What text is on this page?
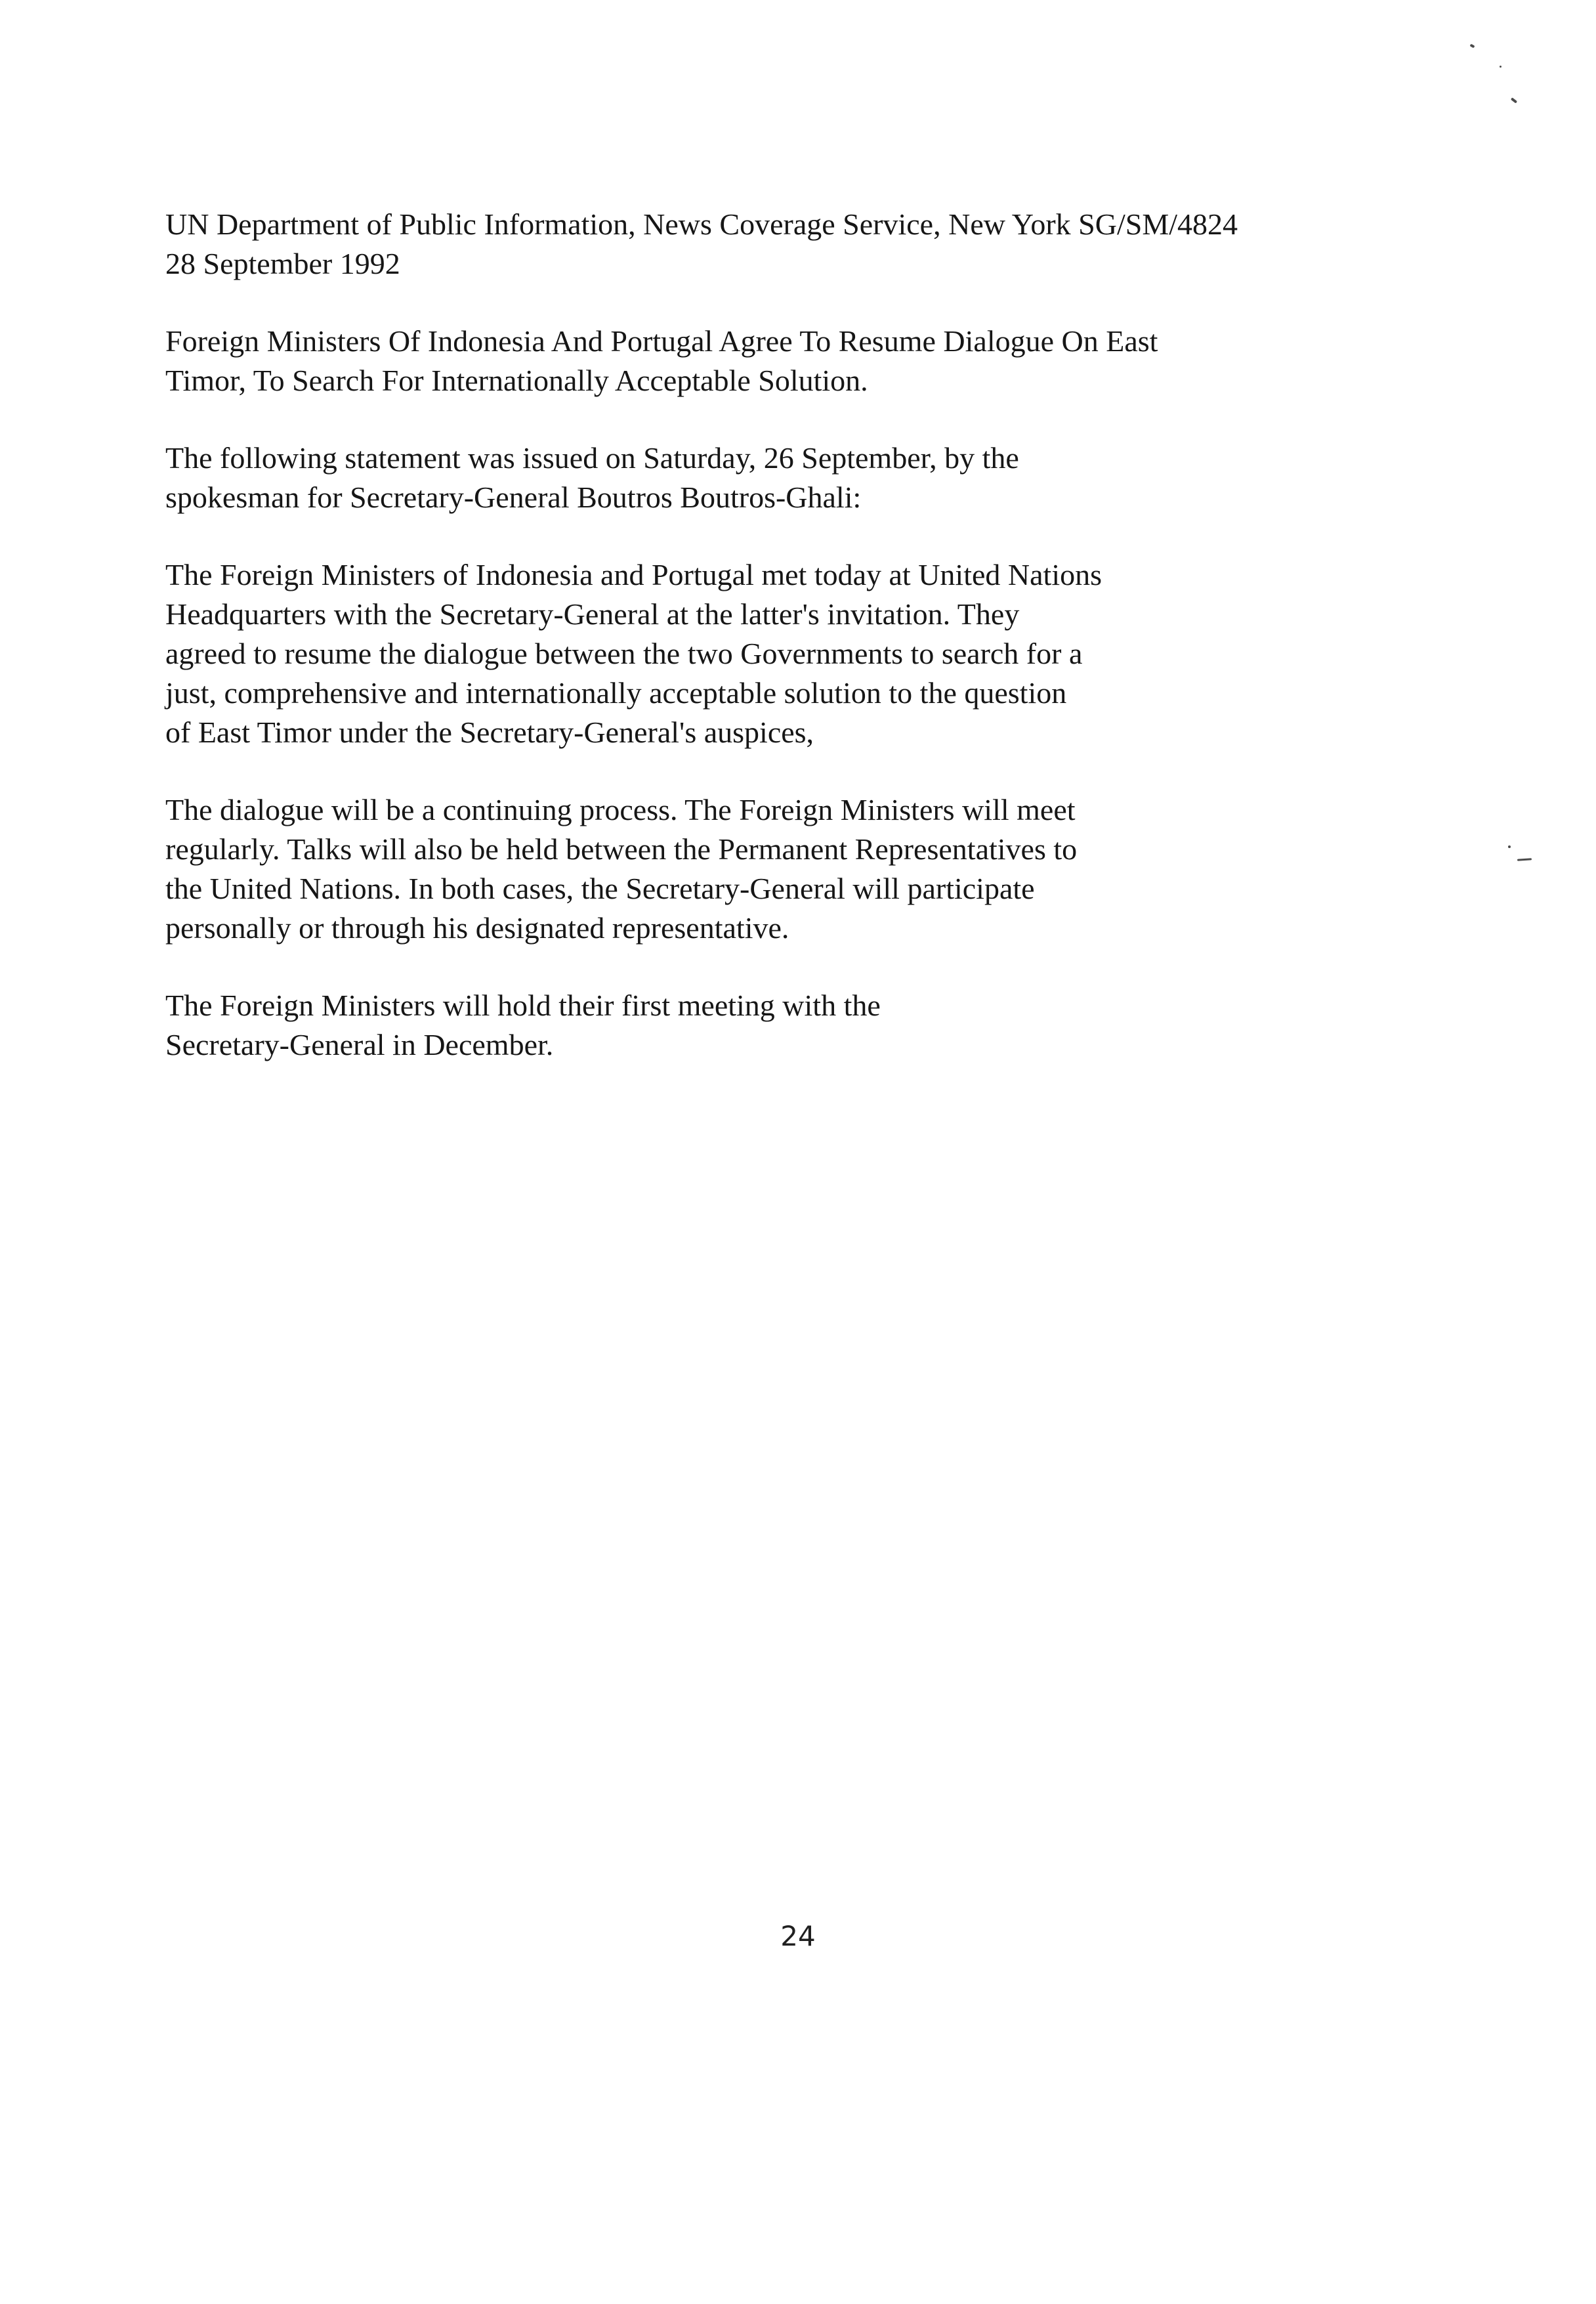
UN Department of Public Information, News Coverage Service, New York SG/SM/4824
28 September 1992
Foreign Ministers Of Indonesia And Portugal Agree To Resume Dialogue On East
Timor, To Search For Internationally Acceptable Solution.
The following statement was issued on Saturday, 26 September, by the
spokesman for Secretary-General Boutros Boutros-Ghali:
The Foreign Ministers of Indonesia and Portugal met today at United Nations
Headquarters with the Secretary-General at the latter's invitation. They
agreed to resume the dialogue between the two Governments to search for a
just, comprehensive and internationally acceptable solution to the question
of East Timor under the Secretary-General's auspices,
The dialogue will be a continuing process. The Foreign Ministers will meet
regularly. Talks will also be held between the Permanent Representatives to
the United Nations. In both cases, the Secretary-General will participate
personally or through his designated representative.
The Foreign Ministers will hold their first meeting with the
Secretary-General in December.
24
